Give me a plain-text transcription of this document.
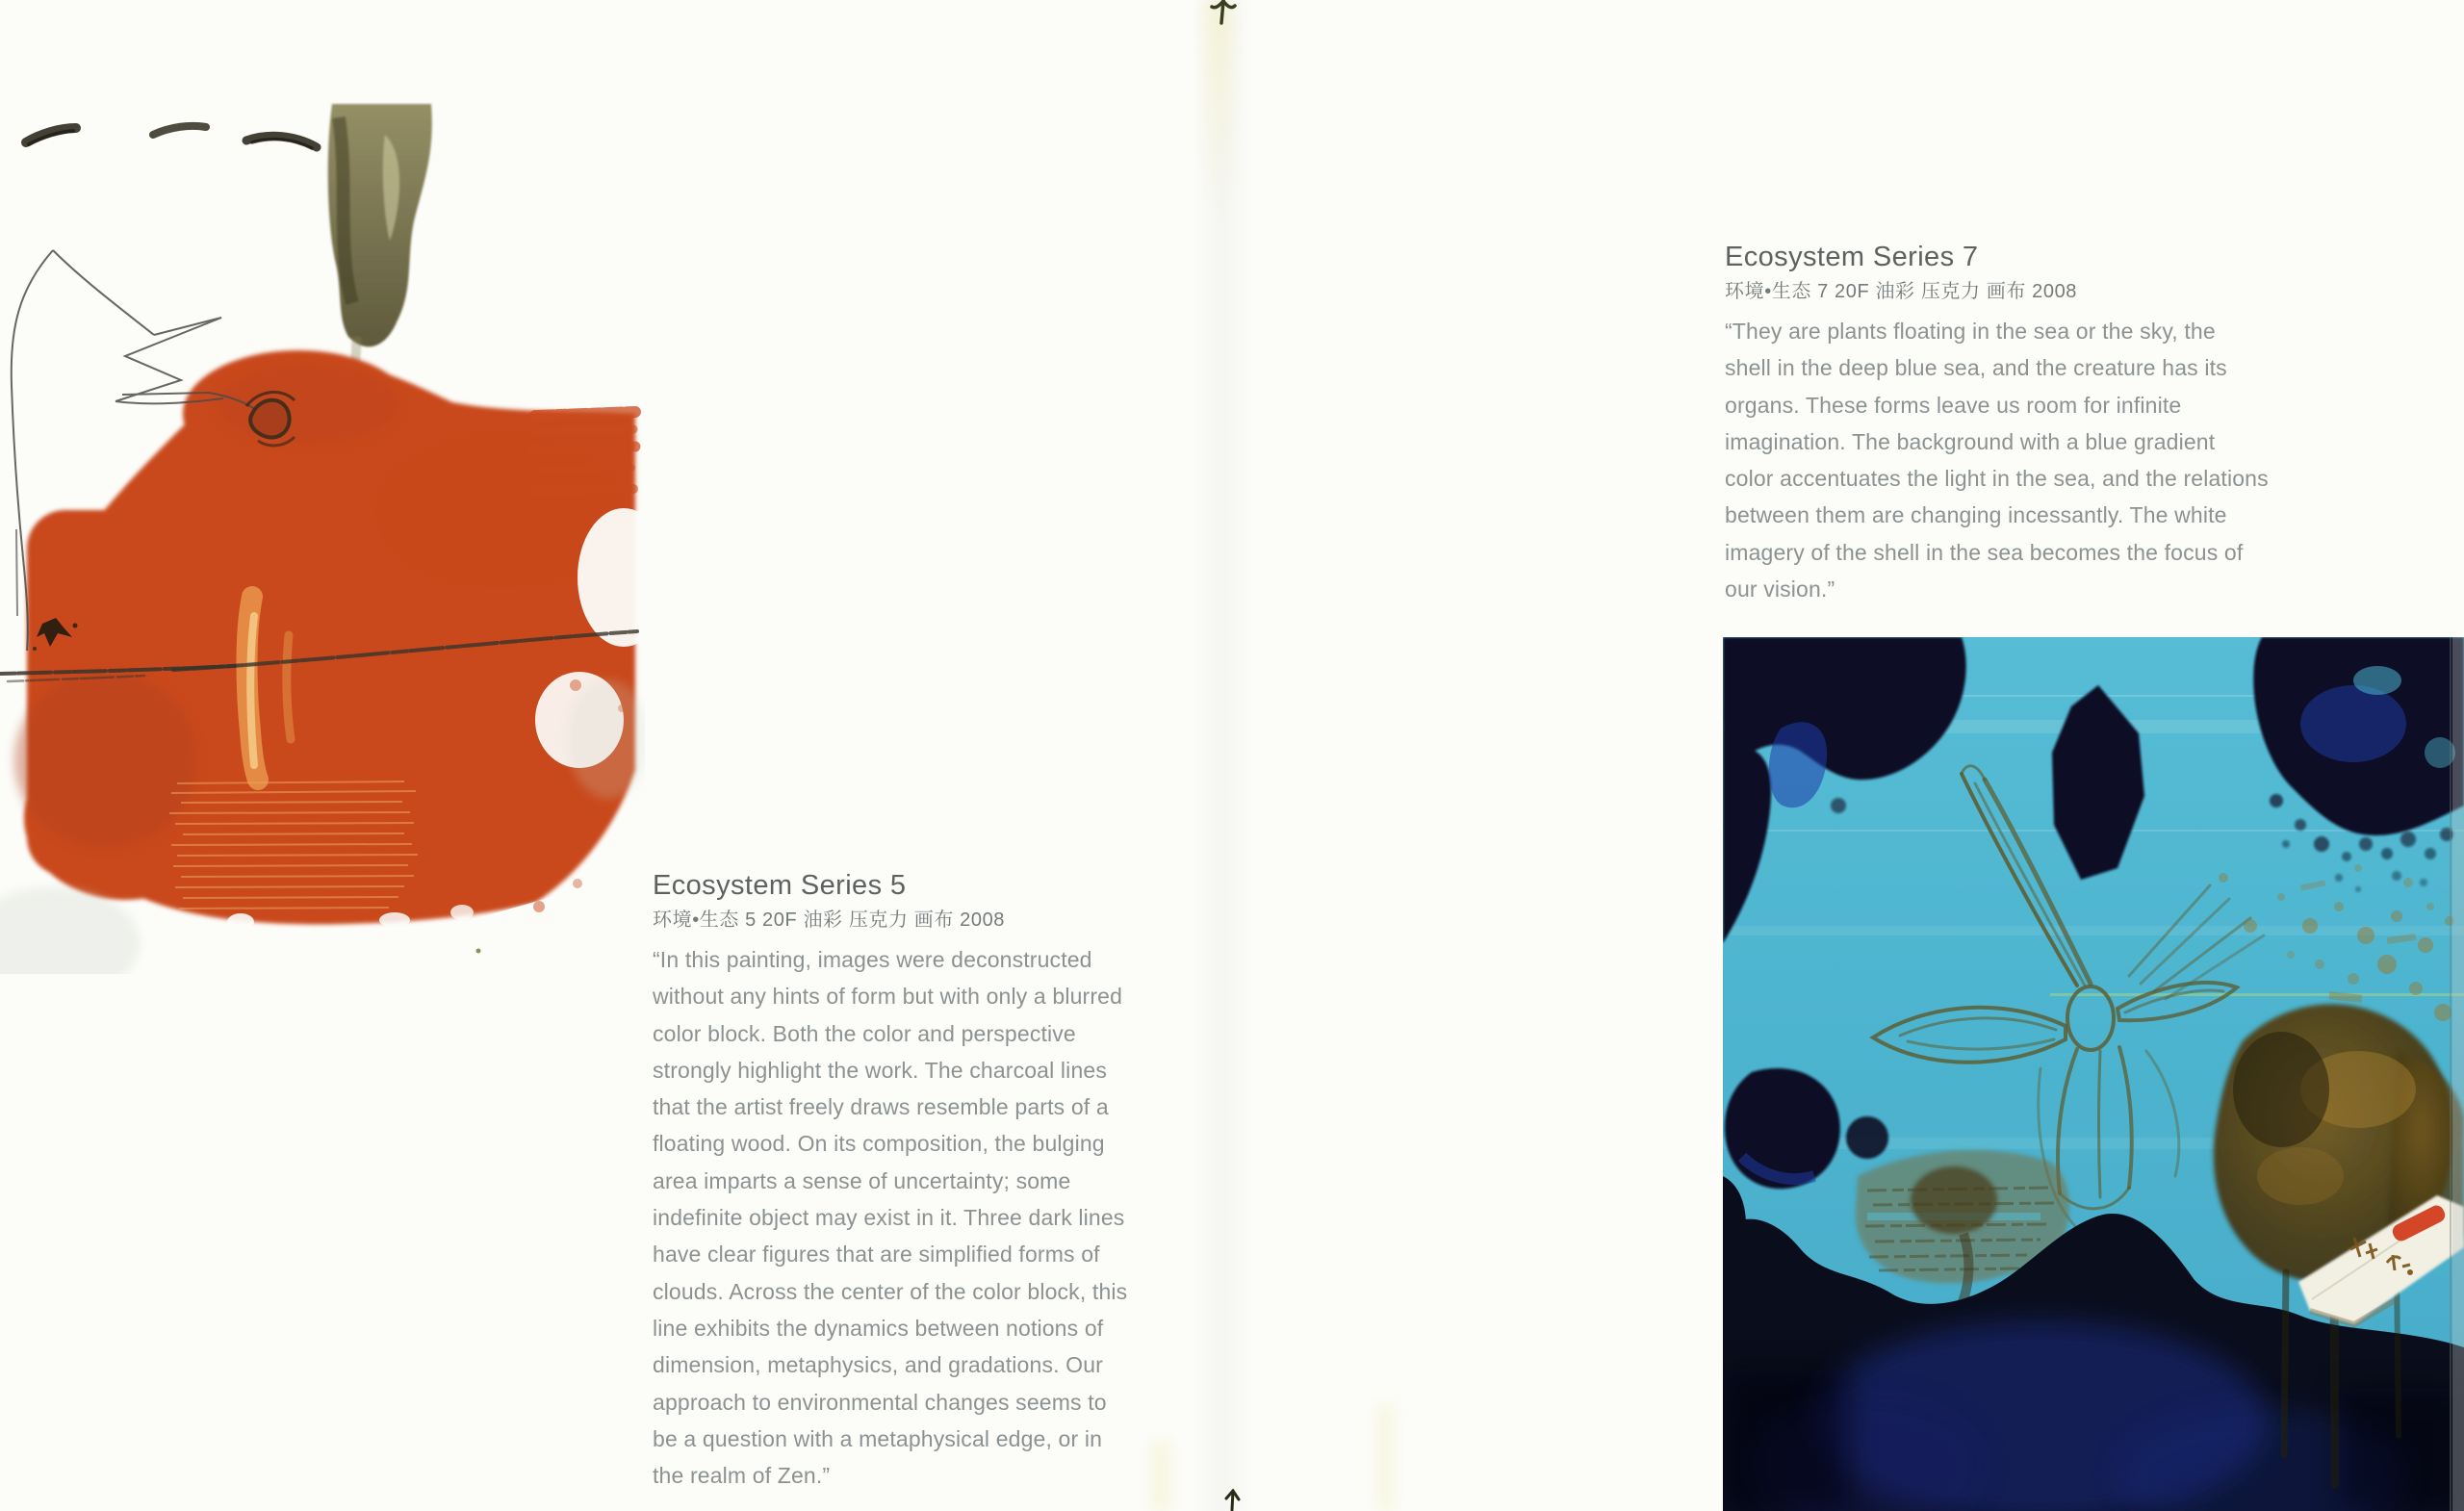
Ecosystem Series 5
环境•生态 5 20F 油彩 压克力 画布 2008
“In this painting, images were deconstructed
without any hints of form but with only a blurred
color block. Both the color and perspective
strongly highlight the work. The charcoal lines
that the artist freely draws resemble parts of a
floating wood. On its composition, the bulging
area imparts a sense of uncertainty; some
indefinite object may exist in it. Three dark lines
have clear figures that are simplified forms of
clouds. Across the center of the color block, this
line exhibits the dynamics between notions of
dimension, metaphysics, and gradations. Our
approach to environmental changes seems to
be a question with a metaphysical edge, or in
the realm of Zen.”
Ecosystem Series 7
环境•生态 7 20F 油彩 压克力 画布 2008
“They are plants floating in the sea or the sky, the
shell in the deep blue sea, and the creature has its
organs. These forms leave us room for infinite
imagination. The background with a blue gradient
color accentuates the light in the sea, and the relations
between them are changing incessantly. The white
imagery of the shell in the sea becomes the focus of
our vision.”
